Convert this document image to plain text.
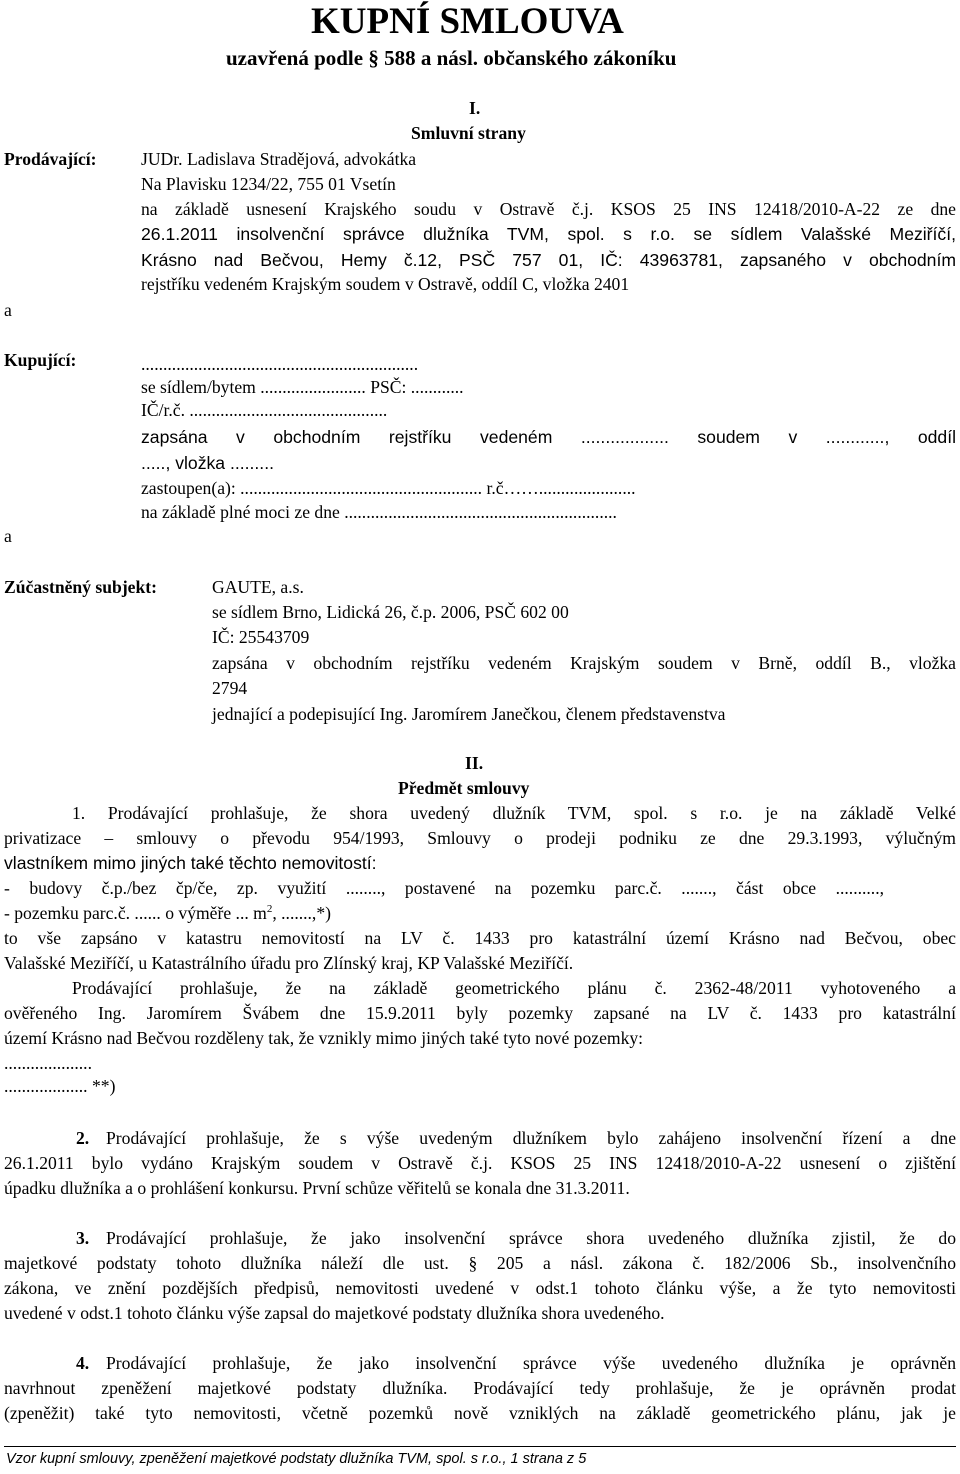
KUPNÍ SMLOUVA
uzavřená podle § 588 a násl. občanského zákoníku
I.
Smluvní strany
Prodávající:	JUDr. Ladislava Stradějová, advokátka
Na Plavisku 1234/22, 755 01 Vsetín
na základě usnesení Krajského soudu v Ostravě č.j. KSOS 25 INS 12418/2010-A-22 ze dne
26.1.2011 insolvenční správce dlužníka TVM, spol. s r.o. se sídlem Valašské Meziříčí,
Krásno nad Bečvou, Hemy č.12, PSČ 757 01, IČ: 43963781, zapsaného v obchodním
rejstříku vedeném Krajským soudem v Ostravě, oddíl C, vložka 2401
a
Kupující:	...............................................................
se sídlem/bytem ........................ PSČ: ............
IČ/r.č. .............................................
zapsána v obchodním rejstříku vedeném .................. soudem v ............, oddíl
....., vložka .........
zastoupen(a): ....................................................... r.č……......................
na základě plné moci ze dne ..............................................................
a
Zúčastněný subjekt:	GAUTE, a.s.
se sídlem Brno, Lidická 26, č.p. 2006, PSČ 602 00
IČ: 25543709
zapsána v obchodním rejstříku vedeném Krajským soudem v Brně, oddíl B., vložka
2794
jednající a podepisující Ing. Jaromírem Janečkou, členem představenstva
II.
Předmět smlouvy
1. Prodávající prohlašuje, že shora uvedený dlužník TVM, spol. s r.o. je na základě Velké
privatizace – smlouvy o převodu 954/1993, Smlouvy o prodeji podniku ze dne 29.3.1993, výlučným
vlastníkem mimo jiných také těchto nemovitostí:
- budovy č.p./bez čp/če, zp. využití ........, postavené na pozemku parc.č. ......., část obce ..........,
- pozemku parc.č. ...... o výměře ... $m^2$, .......,*)
to vše zapsáno v katastru nemovitostí na LV č. 1433 pro katastrální území Krásno nad Bečvou, obec
Valašské Meziříčí, u Katastrálního úřadu pro Zlínský kraj, KP Valašské Meziříčí.
Prodávající prohlašuje, že na základě geometrického plánu č. 2362-48/2011 vyhotoveného a
ověřeného Ing. Jaromírem Švábem dne 15.9.2011 byly pozemky zapsané na LV č. 1433 pro katastrální
území Krásno nad Bečvou rozděleny tak, že vznikly mimo jiných také tyto nové pozemky:
....................
................... **)
2. Prodávající prohlašuje, že s výše uvedeným dlužníkem bylo zahájeno insolvenční řízení a dne
26.1.2011 bylo vydáno Krajským soudem v Ostravě č.j. KSOS 25 INS 12418/2010-A-22 usnesení o zjištění
úpadku dlužníka a o prohlášení konkursu. První schůze věřitelů se konala dne 31.3.2011.
3. Prodávající prohlašuje, že jako insolvenční správce shora uvedeného dlužníka zjistil, že do
majetkové podstaty tohoto dlužníka náleží dle ust. § 205 a násl. zákona č. 182/2006 Sb., insolvenčního
zákona, ve znění pozdějších předpisů, nemovitosti uvedené v odst.1 tohoto článku výše, a že tyto nemovitosti
uvedené v odst.1 tohoto článku výše zapsal do majetkové podstaty dlužníka shora uvedeného.
4. Prodávající prohlašuje, že jako insolvenční správce výše uvedeného dlužníka je oprávněn
navrhnout zpeněžení majetkové podstaty dlužníka. Prodávající tedy prohlašuje, že je oprávněn prodat
(zpeněžit) také tyto nemovitosti, včetně pozemků nově vzniklých na základě geometrického plánu, jak je
Vzor kupní smlouvy, zpeněžení majetkové podstaty dlužníka TVM, spol. s r.o., 1 strana z 5
